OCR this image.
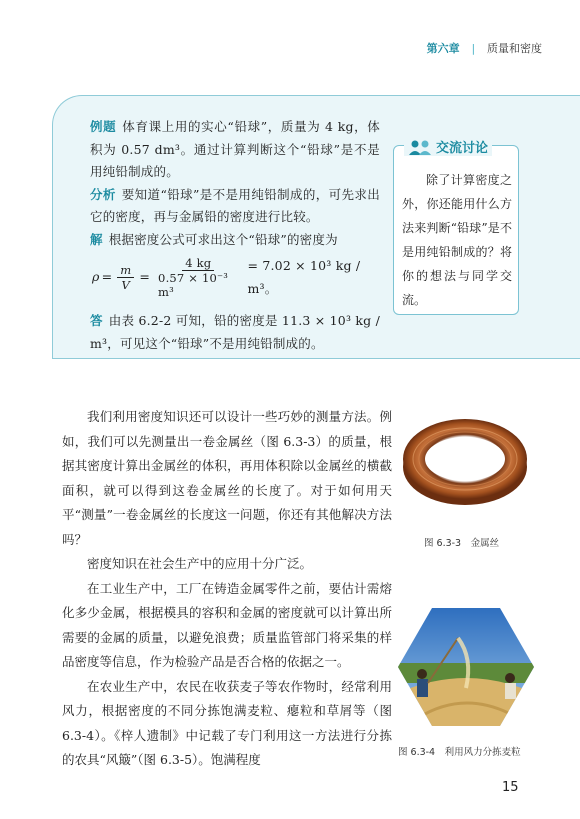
第六章 | 质量和密度

例题 体育课上用的实心“铅球”，质量为 4 kg，体积为 0.57 dm³。通过计算判断这个“铅球”是不是用纯铅制成的。

分析 要知道“铅球”是不是用纯铅制成的，可先求出它的密度，再与金属铅的密度进行比较。

解 根据密度公式可求出这个“铅球”的密度为

$\rho = \frac{m}{V} = \frac{4 kg}{\text{0.57 × 10⁻³ m³}} = 7.02 \times 10^3$ kg / m³。

答 由表 6.2-2 可知，铅的密度是 11.3 × 10³ kg / m³，可见这个“铅球”不是用纯铅制成的。

交流讨论
除了计算密度之外，你还能用什么方法来判断“铅球”是不是用纯铅制成的？将你的想法与同学交流。

我们利用密度知识还可以设计一些巧妙的测量方法。例如，我们可以先测量出一卷金属丝（图 6.3-3）的质量，根据其密度计算出金属丝的体积，再用体积除以金属丝的横截面积，就可以得到这卷金属丝的长度了。对于如何用天平“测量”一卷金属丝的长度这一问题，你还有其他解决方法吗？

密度知识在社会生产中的应用十分广泛。

在工业生产中，工厂在铸造金属零件之前，要估计需熔化多少金属，根据模具的容积和金属的密度就可以计算出所需要的金属的质量，以避免浪费；质量监管部门将采集的样品密度等信息，作为检验产品是否合格的依据之一。

在农业生产中，农民在收获麦子等农作物时，经常利用风力，根据密度的不同分拣饱满麦粒、瘪粒和草屑等（图 6.3-4）。《梓人遗制》中记载了专门利用这一方法进行分拣的农具“风簸”（图 6.3-5）。饱满程度

图 6.3-3　金属丝
图 6.3-4　利用风力分拣麦粒
15
